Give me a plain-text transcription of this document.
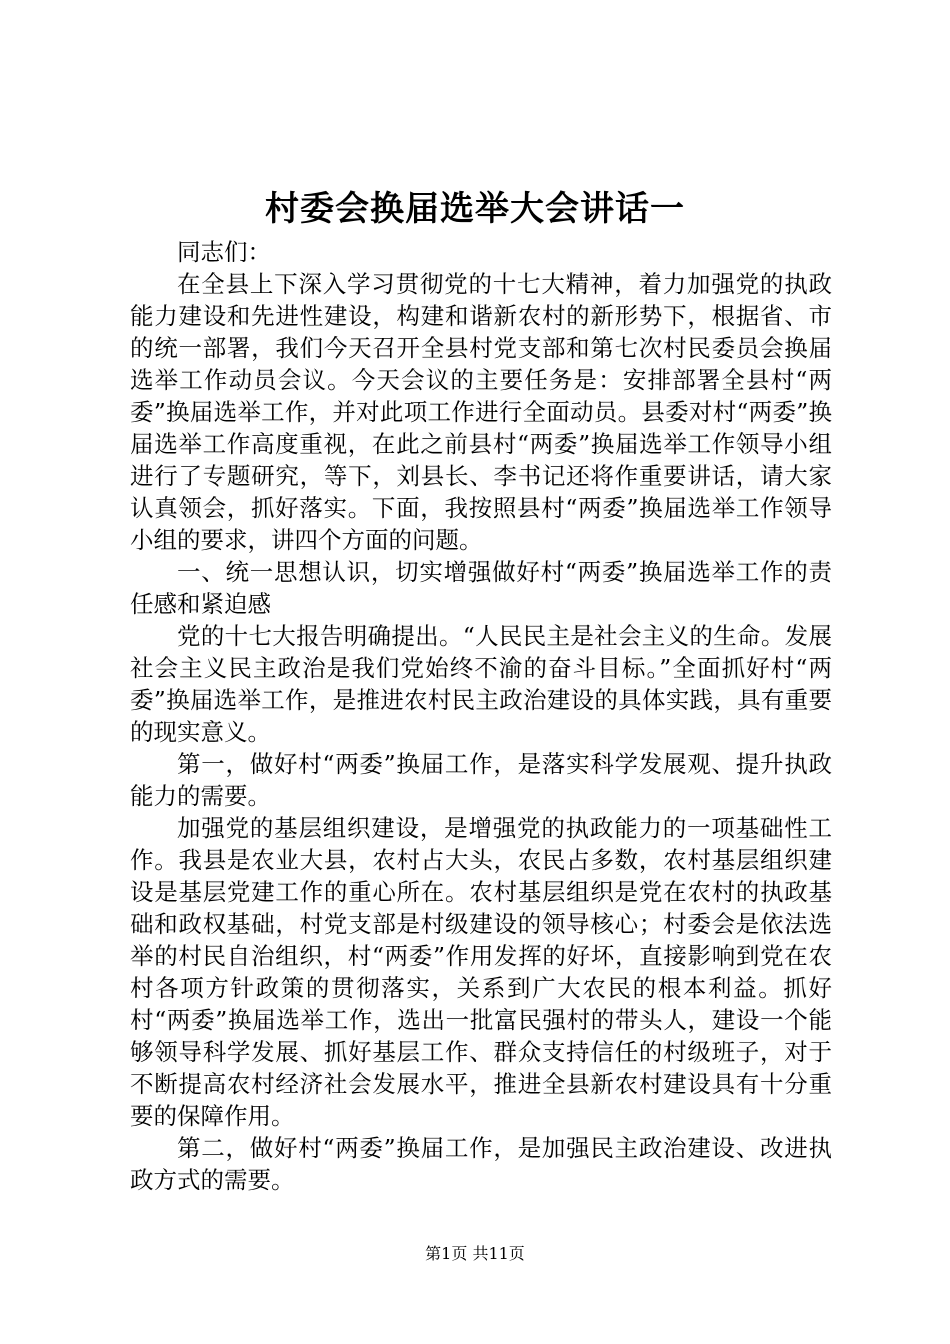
村委会换届选举大会讲话一

同志们：

在全县上下深入学习贯彻党的十七大精神，着力加强党的执政能力建设和先进性建设，构建和谐新农村的新形势下，根据省、市的统一部署，我们今天召开全县村党支部和第七次村民委员会换届选举工作动员会议。今天会议的主要任务是：安排部署全县村“两委”换届选举工作，并对此项工作进行全面动员。县委对村“两委”换届选举工作高度重视，在此之前县村“两委”换届选举工作领导小组进行了专题研究，等下，刘县长、李书记还将作重要讲话，请大家认真领会，抓好落实。下面，我按照县村“两委”换届选举工作领导小组的要求，讲四个方面的问题。

一、统一思想认识，切实增强做好村“两委”换届选举工作的责任感和紧迫感

党的十七大报告明确提出。“人民民主是社会主义的生命。发展社会主义民主政治是我们党始终不渝的奋斗目标。”全面抓好村“两委”换届选举工作，是推进农村民主政治建设的具体实践，具有重要的现实意义。

第一，做好村“两委”换届工作，是落实科学发展观、提升执政能力的需要。

加强党的基层组织建设，是增强党的执政能力的一项基础性工作。我县是农业大县，农村占大头，农民占多数，农村基层组织建设是基层党建工作的重心所在。农村基层组织是党在农村的执政基础和政权基础，村党支部是村级建设的领导核心；村委会是依法选举的村民自治组织，村“两委”作用发挥的好坏，直接影响到党在农村各项方针政策的贯彻落实，关系到广大农民的根本利益。抓好村“两委”换届选举工作，选出一批富民强村的带头人，建设一个能够领导科学发展、抓好基层工作、群众支持信任的村级班子，对于不断提高农村经济社会发展水平，推进全县新农村建设具有十分重要的保障作用。

第二，做好村“两委”换届工作，是加强民主政治建设、改进执政方式的需要。

第1页 共11页
